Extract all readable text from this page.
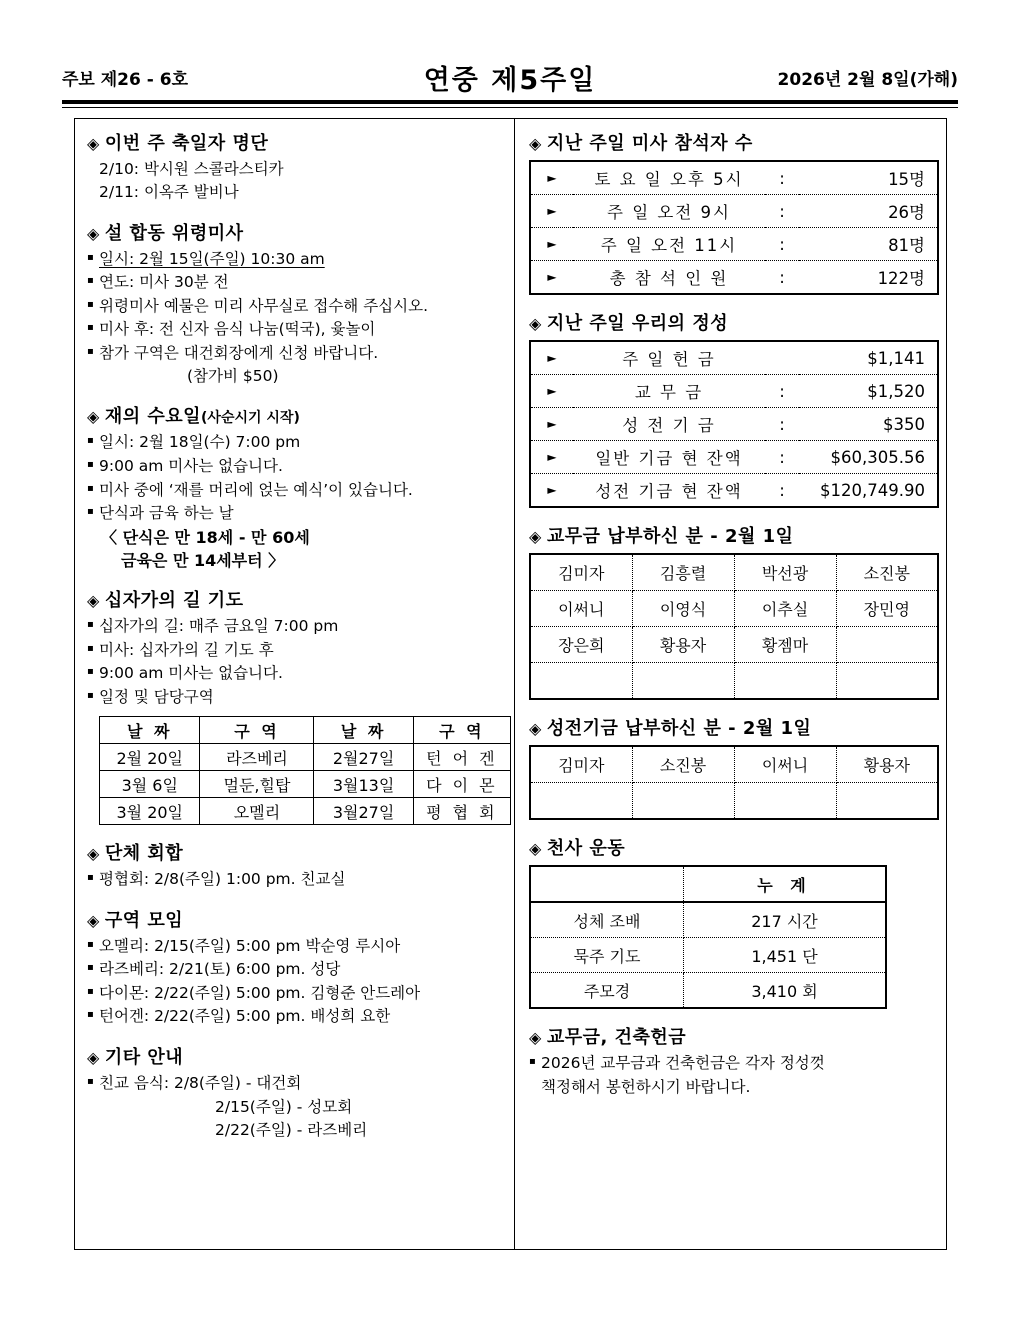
주보 제26 - 6호	연중 제5주일	2026년 2월 8일(가해)
◈ 이번 주 축일자 명단
2/10: 박시원 스콜라스티카
2/11: 이옥주 발비나
◈ 설 합동 위령미사
▪ 일시: 2월 15일(주일) 10:30 am
▪ 연도: 미사 30분 전
▪ 위령미사 예물은 미리 사무실로 접수해 주십시오.
▪ 미사 후: 전 신자 음식 나눔(떡국), 윷놀이
▪ 참가 구역은 대건회장에게 신청 바랍니다.
(참가비 $50)
◈ 재의 수요일 (사순시기 시작)
▪ 일시: 2월 18일(수) 7:00 pm
▪ 9:00 am 미사는 없습니다.
▪ 미사 중에 ‘재를 머리에 얹는 예식’이 있습니다.
▪ 단식과 금육 하는 날
〈 단식은 만 18세 - 만 60세
금육은 만 14세부터 〉
◈ 십자가의 길 기도
▪ 십자가의 길: 매주 금요일 7:00 pm
▪ 미사: 십자가의 길 기도 후
▪ 9:00 am 미사는 없습니다.
▪ 일정 및 담당구역
날 짜	구 역	날 짜	구 역
2월 20일	라즈베리	2월27일	턴 어 겐
3월 6일	멀둔,힐탑	3월13일	다 이 몬
3월 20일	오멜리	3월27일	평 협 회
◈ 단체 회합
▪ 평협회: 2/8(주일) 1:00 pm. 친교실
◈ 구역 모임
▪ 오멜리: 2/15(주일) 5:00 pm 박순영 루시아
▪ 라즈베리: 2/21(토) 6:00 pm. 성당
▪ 다이몬: 2/22(주일) 5:00 pm. 김형준 안드레아
▪ 턴어겐: 2/22(주일) 5:00 pm. 배성희 요한
◈ 기타 안내
▪ 친교 음식: 2/8(주일) - 대건회
2/15(주일) - 성모회
2/22(주일) - 라즈베리
◈ 지난 주일 미사 참석자 수
►	토 요 일 오후 5시	:	15명
►	주 일 오전 9시	:	26명
►	주 일 오전 11시	:	81명
►	총 참 석 인 원	:	122명
◈ 지난 주일 우리의 정성
►	주 일 헌 금		$1,141
►	교 무 금	:	$1,520
►	성 전 기 금	:	$350
►	일반 기금 현 잔액	:	$60,305.56
►	성전 기금 현 잔액	:	$120,749.90
◈ 교무금 납부하신 분 - 2월 1일
김미자	김흥렬	박선광	소진봉
이써니	이영식	이추실	장민영
장은희	황용자	황젬마	

◈ 성전기금 납부하신 분 - 2월 1일
김미자	소진봉	이써니	황용자

◈ 천사 운동
	누 계
성체 조배	217 시간
묵주 기도	1,451 단
주모경	3,410 회
◈ 교무금, 건축헌금
▪ 2026년 교무금과 건축헌금은 각자 정성껏
책정해서 봉헌하시기 바랍니다.
